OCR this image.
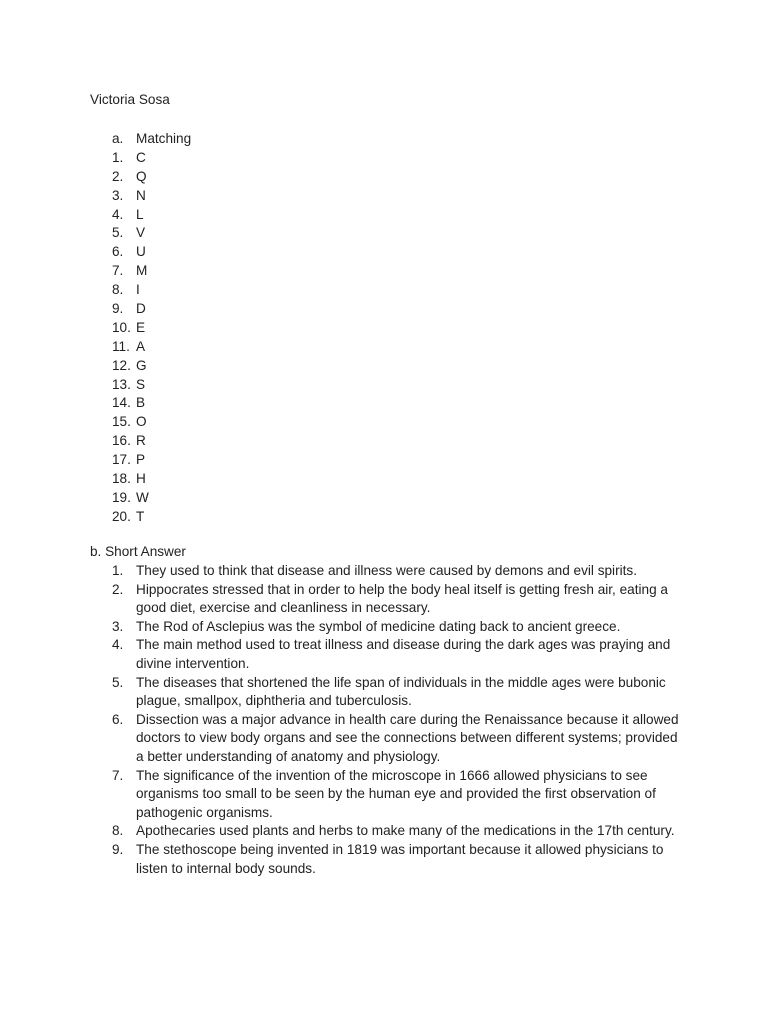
Victoria Sosa
a. Matching
1. C
2. Q
3. N
4. L
5. V
6. U
7. M
8. I
9. D
10. E
11. A
12. G
13. S
14. B
15. O
16. R
17. P
18. H
19. W
20. T
b. Short Answer
1. They used to think that disease and illness were caused by demons and evil spirits.
2. Hippocrates stressed that in order to help the body heal itself is getting fresh air, eating a good diet, exercise and cleanliness in necessary.
3. The Rod of Asclepius was the symbol of medicine dating back to ancient greece.
4. The main method used to treat illness and disease during the dark ages was praying and divine intervention.
5. The diseases that shortened the life span of individuals in the middle ages were bubonic plague, smallpox, diphtheria and tuberculosis.
6. Dissection was a major advance in health care during the Renaissance because it allowed doctors to view body organs and see the connections between different systems; provided a better understanding of anatomy and physiology.
7. The significance of the invention of the microscope in 1666 allowed physicians to see organisms too small to be seen by the human eye and provided the first observation of pathogenic organisms.
8. Apothecaries used plants and herbs to make many of the medications in the 17th century.
9. The stethoscope being invented in 1819 was important because it allowed physicians to listen to internal body sounds.
